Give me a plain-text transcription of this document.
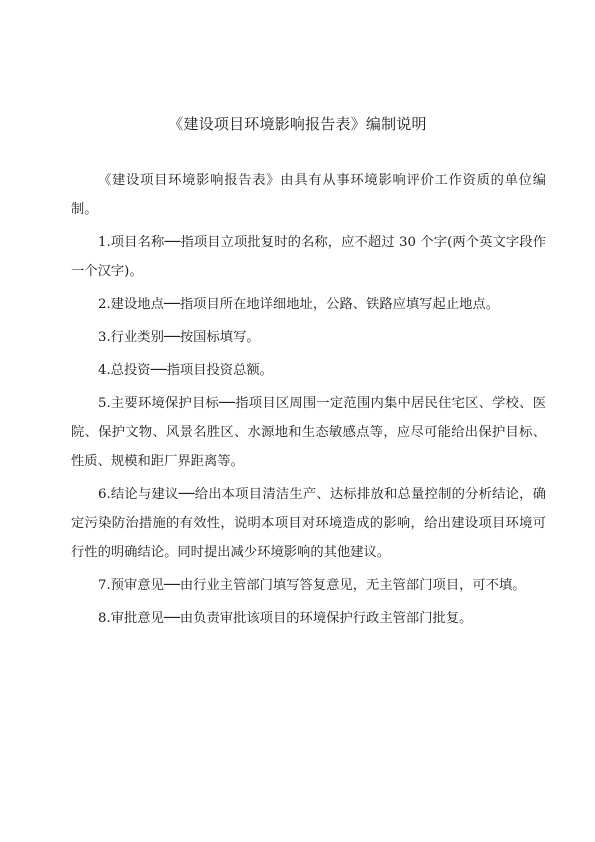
《建设项目环境影响报告表》编制说明

《建设项目环境影响报告表》由具有从事环境影响评价工作资质的单位编制。

1.项目名称──指项目立项批复时的名称，应不超过 30 个字(两个英文字段作一个汉字)。

2.建设地点──指项目所在地详细地址，公路、铁路应填写起止地点。

3.行业类别──按国标填写。

4.总投资──指项目投资总额。

5.主要环境保护目标──指项目区周围一定范围内集中居民住宅区、学校、医院、保护文物、风景名胜区、水源地和生态敏感点等，应尽可能给出保护目标、性质、规模和距厂界距离等。

6.结论与建议──给出本项目清洁生产、达标排放和总量控制的分析结论，确定污染防治措施的有效性，说明本项目对环境造成的影响，给出建设项目环境可行性的明确结论。同时提出减少环境影响的其他建议。

7.预审意见──由行业主管部门填写答复意见，无主管部门项目，可不填。

8.审批意见──由负责审批该项目的环境保护行政主管部门批复。
